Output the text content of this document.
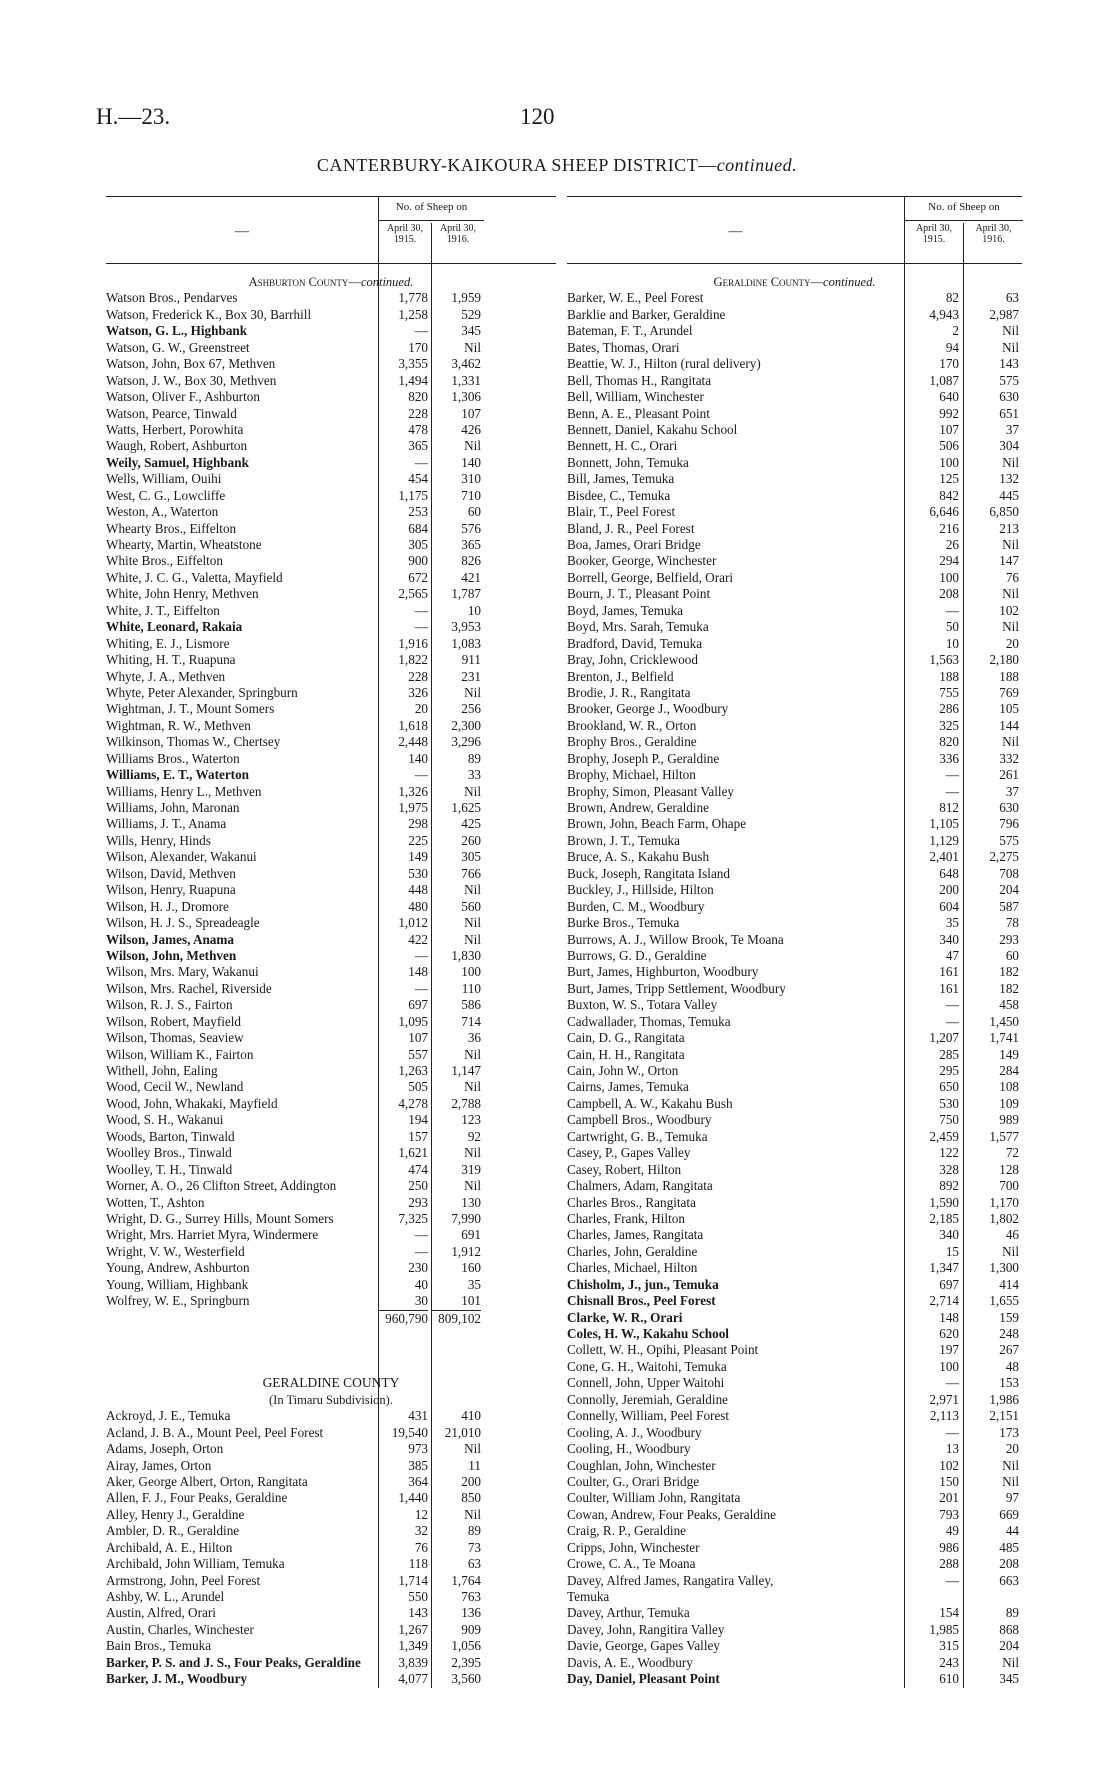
H.—23.	120
CANTERBURY-KAIKOURA SHEEP DISTRICT—continued.
—
No. of Sheep on
April 30, 1915.
April 30, 1916.
Ashburton County—continued.
Watson Bros., Pendarves	1,778	1,959
Watson, Frederick K., Box 30, Barrhill	1,258	529
Watson, G. L., Highbank	—	345
Watson, G. W., Greenstreet	170	Nil
Watson, John, Box 67, Methven	3,355	3,462
Watson, J. W., Box 30, Methven	1,494	1,331
Watson, Oliver F., Ashburton	820	1,306
Watson, Pearce, Tinwald	228	107
Watts, Herbert, Porowhita	478	426
Waugh, Robert, Ashburton	365	Nil
Weily, Samuel, Highbank	—	140
Wells, William, Ouihi	454	310
West, C. G., Lowcliffe	1,175	710
Weston, A., Waterton	253	60
Whearty Bros., Eiffelton	684	576
Whearty, Martin, Wheatstone	305	365
White Bros., Eiffelton	900	826
White, J. C. G., Valetta, Mayfield	672	421
White, John Henry, Methven	2,565	1,787
White, J. T., Eiffelton	—	10
White, Leonard, Rakaia	—	3,953
Whiting, E. J., Lismore	1,916	1,083
Whiting, H. T., Ruapuna	1,822	911
Whyte, J. A., Methven	228	231
Whyte, Peter Alexander, Springburn	326	Nil
Wightman, J. T., Mount Somers	20	256
Wightman, R. W., Methven	1,618	2,300
Wilkinson, Thomas W., Chertsey	2,448	3,296
Williams Bros., Waterton	140	89
Williams, E. T., Waterton	—	33
Williams, Henry L., Methven	1,326	Nil
Williams, John, Maronan	1,975	1,625
Williams, J. T., Anama	298	425
Wills, Henry, Hinds	225	260
Wilson, Alexander, Wakanui	149	305
Wilson, David, Methven	530	766
Wilson, Henry, Ruapuna	448	Nil
Wilson, H. J., Dromore	480	560
Wilson, H. J. S., Spreadeagle	1,012	Nil
Wilson, James, Anama	422	Nil
Wilson, John, Methven	—	1,830
Wilson, Mrs. Mary, Wakanui	148	100
Wilson, Mrs. Rachel, Riverside	—	110
Wilson, R. J. S., Fairton	697	586
Wilson, Robert, Mayfield	1,095	714
Wilson, Thomas, Seaview	107	36
Wilson, William K., Fairton	557	Nil
Withell, John, Ealing	1,263	1,147
Wood, Cecil W., Newland	505	Nil
Wood, John, Whakaki, Mayfield	4,278	2,788
Wood, S. H., Wakanui	194	123
Woods, Barton, Tinwald	157	92
Woolley Bros., Tinwald	1,621	Nil
Woolley, T. H., Tinwald	474	319
Worner, A. O., 26 Clifton Street, Addington	250	Nil
Wotten, T., Ashton	293	130
Wright, D. G., Surrey Hills, Mount Somers	7,325	7,990
Wright, Mrs. Harriet Myra, Windermere	—	691
Wright, V. W., Westerfield	—	1,912
Young, Andrew, Ashburton	230	160
Young, William, Highbank	40	35
Wolfrey, W. E., Springburn	30	101
960,790 809,102
GERALDINE COUNTY
(In Timaru Subdivision).
Ackroyd, J. E., Temuka	431	410
Acland, J. B. A., Mount Peel, Peel Forest	19,540	21,010
Adams, Joseph, Orton	973	Nil
Airay, James, Orton	385	11
Aker, George Albert, Orton, Rangitata	364	200
Allen, F. J., Four Peaks, Geraldine	1,440	850
Alley, Henry J., Geraldine	12	Nil
Ambler, D. R., Geraldine	32	89
Archibald, A. E., Hilton	76	73
Archibald, John William, Temuka	118	63
Armstrong, John, Peel Forest	1,714	1,764
Ashby, W. L., Arundel	550	763
Austin, Alfred, Orari	143	136
Austin, Charles, Winchester	1,267	909
Bain Bros., Temuka	1,349	1,056
Barker, P. S. and J. S., Four Peaks, Geraldine	3,839	2,395
Barker, J. M., Woodbury	4,077	3,560
—
No. of Sheep on
April 30, 1915.
April 30, 1916.
Geraldine County—continued.
Barker, W. E., Peel Forest	82	63
Barklie and Barker, Geraldine	4,943	2,987
Bateman, F. T., Arundel	2	Nil
Bates, Thomas, Orari	94	Nil
Beattie, W. J., Hilton (rural delivery)	170	143
Bell, Thomas H., Rangitata	1,087	575
Bell, William, Winchester	640	630
Benn, A. E., Pleasant Point	992	651
Bennett, Daniel, Kakahu School	107	37
Bennett, H. C., Orari	506	304
Bonnett, John, Temuka	100	Nil
Bill, James, Temuka	125	132
Bisdee, C., Temuka	842	445
Blair, T., Peel Forest	6,646	6,850
Bland, J. R., Peel Forest	216	213
Boa, James, Orari Bridge	26	Nil
Booker, George, Winchester	294	147
Borrell, George, Belfield, Orari	100	76
Bourn, J. T., Pleasant Point	208	Nil
Boyd, James, Temuka	—	102
Boyd, Mrs. Sarah, Temuka	50	Nil
Bradford, David, Temuka	10	20
Bray, John, Cricklewood	1,563	2,180
Brenton, J., Belfield	188	188
Brodie, J. R., Rangitata	755	769
Brooker, George J., Woodbury	286	105
Brookland, W. R., Orton	325	144
Brophy Bros., Geraldine	820	Nil
Brophy, Joseph P., Geraldine	336	332
Brophy, Michael, Hilton	—	261
Brophy, Simon, Pleasant Valley	—	37
Brown, Andrew, Geraldine	812	630
Brown, John, Beach Farm, Ohape	1,105	796
Brown, J. T., Temuka	1,129	575
Bruce, A. S., Kakahu Bush	2,401	2,275
Buck, Joseph, Rangitata Island	648	708
Buckley, J., Hillside, Hilton	200	204
Burden, C. M., Woodbury	604	587
Burke Bros., Temuka	35	78
Burrows, A. J., Willow Brook, Te Moana	340	293
Burrows, G. D., Geraldine	47	60
Burt, James, Highburton, Woodbury	161	182
Burt, James, Tripp Settlement, Woodbury	161	182
Buxton, W. S., Totara Valley	—	458
Cadwallader, Thomas, Temuka	—	1,450
Cain, D. G., Rangitata	1,207	1,741
Cain, H. H., Rangitata	285	149
Cain, John W., Orton	295	284
Cairns, James, Temuka	650	108
Campbell, A. W., Kakahu Bush	530	109
Campbell Bros., Woodbury	750	989
Cartwright, G. B., Temuka	2,459	1,577
Casey, P., Gapes Valley	122	72
Casey, Robert, Hilton	328	128
Chalmers, Adam, Rangitata	892	700
Charles Bros., Rangitata	1,590	1,170
Charles, Frank, Hilton	2,185	1,802
Charles, James, Rangitata	340	46
Charles, John, Geraldine	15	Nil
Charles, Michael, Hilton	1,347	1,300
Chisholm, J., jun., Temuka	697	414
Chisnall Bros., Peel Forest	2,714	1,655
Clarke, W. R., Orari	148	159
Coles, H. W., Kakahu School	620	248
Collett, W. H., Opihi, Pleasant Point	197	267
Cone, G. H., Waitohi, Temuka	100	48
Connell, John, Upper Waitohi	—	153
Connolly, Jeremiah, Geraldine	2,971	1,986
Connelly, William, Peel Forest	2,113	2,151
Cooling, A. J., Woodbury	—	173
Cooling, H., Woodbury	13	20
Coughlan, John, Winchester	102	Nil
Coulter, G., Orari Bridge	150	Nil
Coulter, William John, Rangitata	201	97
Cowan, Andrew, Four Peaks, Geraldine	793	669
Craig, R. P., Geraldine	49	44
Cripps, John, Winchester	986	485
Crowe, C. A., Te Moana	288	208
Davey, Alfred James, Rangatira Valley,	—	663
Temuka
Davey, Arthur, Temuka	154	89
Davey, John, Rangitira Valley	1,985	868
Davie, George, Gapes Valley	315	204
Davis, A. E., Woodbury	243	Nil
Day, Daniel, Pleasant Point	610	345
